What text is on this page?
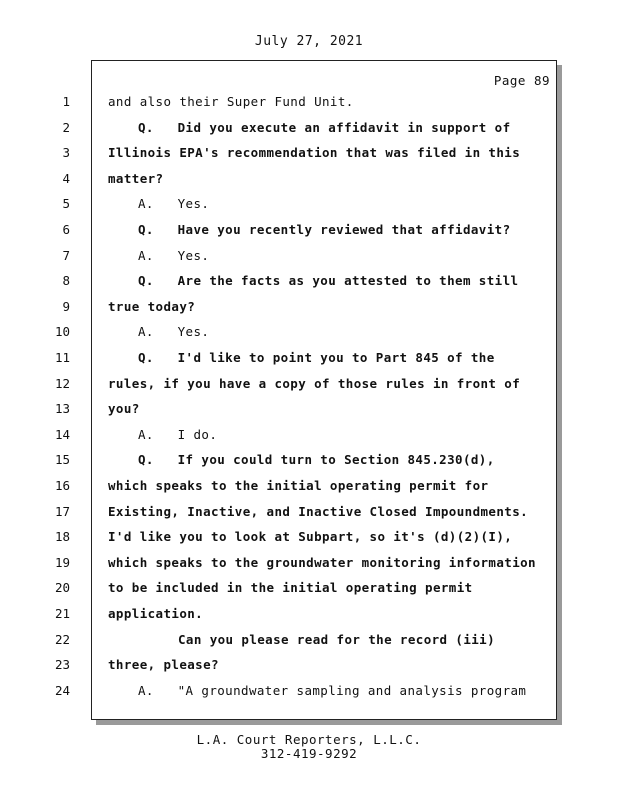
July 27, 2021
Page 89
1	and also their Super Fund Unit.
2	Q.   Did you execute an affidavit in support of
3	Illinois EPA's recommendation that was filed in this
4	matter?
5	A.   Yes.
6	Q.   Have you recently reviewed that affidavit?
7	A.   Yes.
8	Q.   Are the facts as you attested to them still
9	true today?
10	A.   Yes.
11	Q.   I'd like to point you to Part 845 of the
12	rules, if you have a copy of those rules in front of
13	you?
14	A.   I do.
15	Q.   If you could turn to Section 845.230(d),
16	which speaks to the initial operating permit for
17	Existing, Inactive, and Inactive Closed Impoundments.
18	I'd like you to look at Subpart, so it's (d)(2)(I),
19	which speaks to the groundwater monitoring information
20	to be included in the initial operating permit
21	application.
22	Can you please read for the record (iii)
23	three, please?
24	A.   "A groundwater sampling and analysis program
L.A. Court Reporters, L.L.C.
312-419-9292
